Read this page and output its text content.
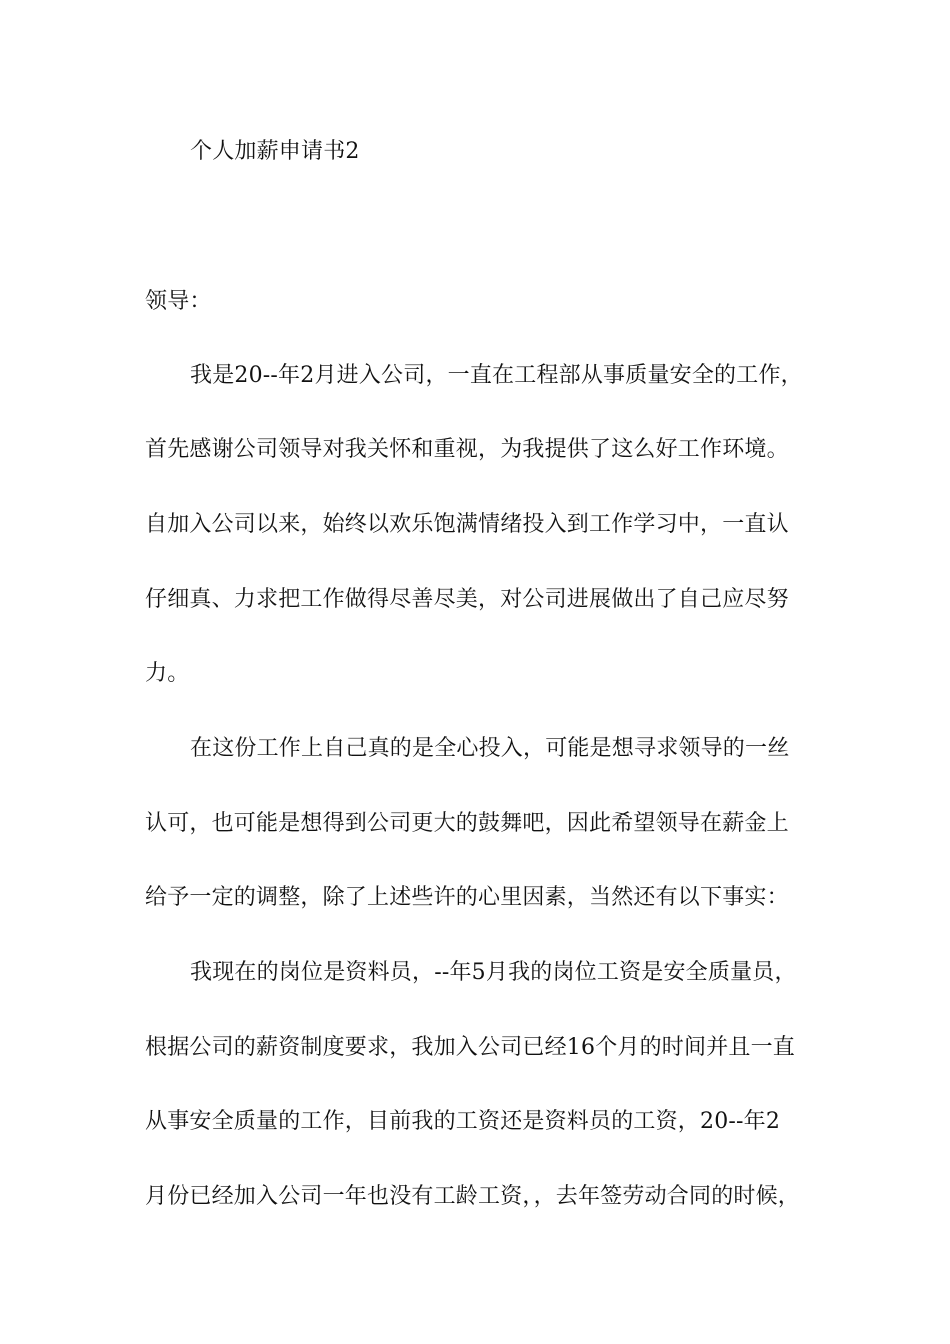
个人加薪申请书2
领导：
我是20--年2月进入公司，一直在工程部从事质量安全的工作，
首先感谢公司领导对我关怀和重视，为我提供了这么好工作环境。
自加入公司以来，始终以欢乐饱满情绪投入到工作学习中，一直认
仔细真、力求把工作做得尽善尽美，对公司进展做出了自己应尽努
力。
在这份工作上自己真的是全心投入，可能是想寻求领导的一丝
认可，也可能是想得到公司更大的鼓舞吧，因此希望领导在薪金上
给予一定的调整，除了上述些许的心里因素，当然还有以下事实：
我现在的岗位是资料员，--年5月我的岗位工资是安全质量员，
根据公司的薪资制度要求，我加入公司已经16个月的时间并且一直
从事安全质量的工作，目前我的工资还是资料员的工资，20--年2
月份已经加入公司一年也没有工龄工资，，去年签劳动合同的时候，
